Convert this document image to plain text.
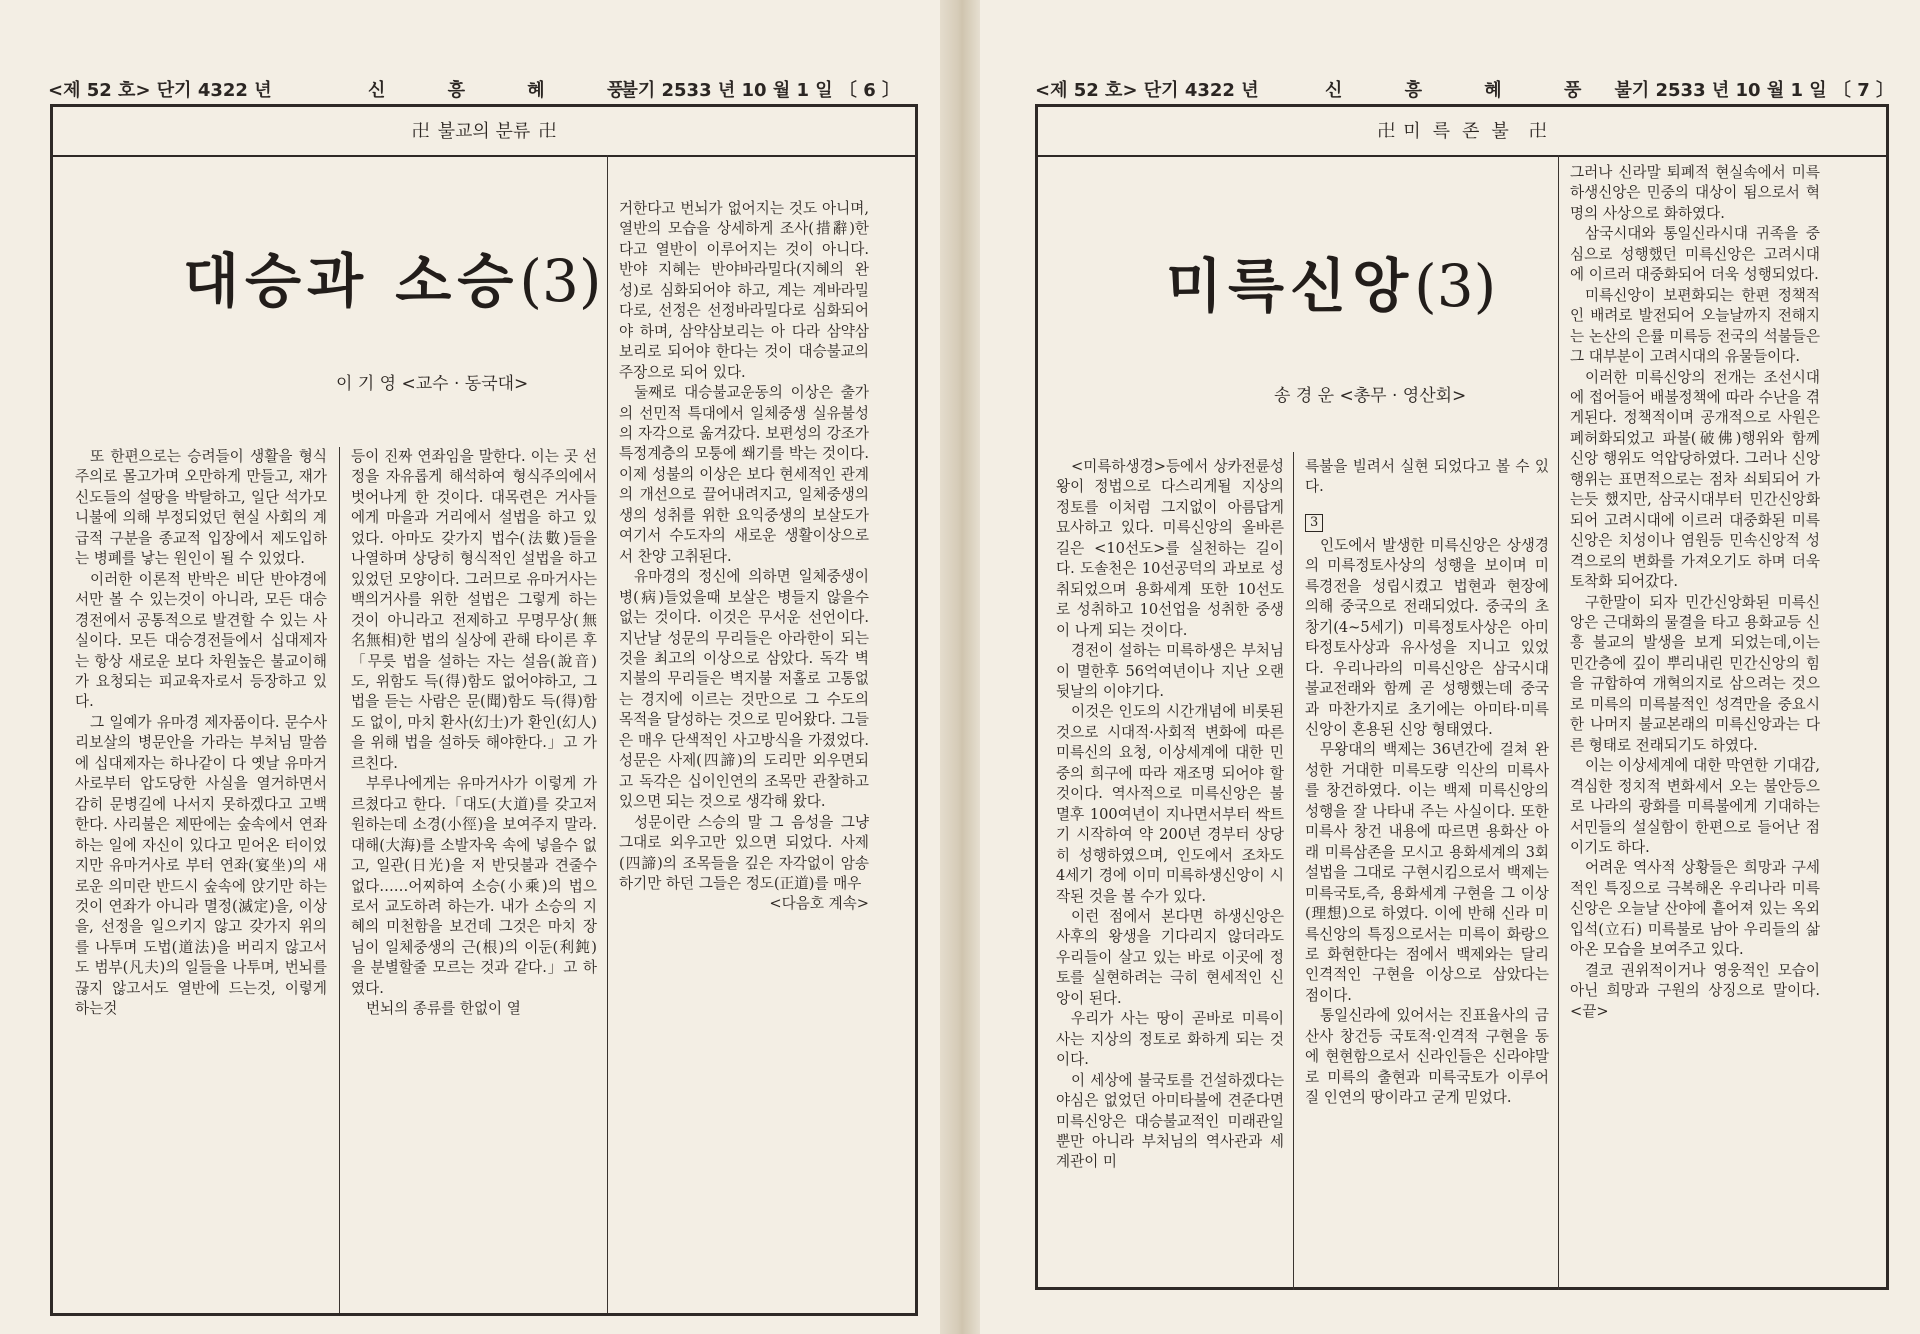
<제 52 호> 단기 4322 년	신 흥 혜 풍
불기 2533 년 10 월 1 일 〔 6 〕
卍 불교의 분류 卍
대승과 소승(3)
이 기 영 <교수 · 동국대>

또 한편으로는 승려들이 생활을 형식주의로 몰고가며 오만하게 만들고, 재가신도들의 설땅을 박탈하고, 일단 석가모니불에 의해 부정되었던 현실 사회의 계급적 구분을 종교적 입장에서 제도입하는 병폐를 낳는 원인이 될 수 있었다.

이러한 이론적 반박은 비단 반야경에서만 볼 수 있는것이 아니라, 모든 대승경전에서 공통적으로 발견할 수 있는 사실이다. 모든 대승경전들에서 십대제자는 항상 새로운 보다 차원높은 불교이해가 요청되는 피교육자로서 등장하고 있다.

그 일예가 유마경 제자품이다. 문수사리보살의 병문안을 가라는 부처님 말씀에 십대제자는 하나같이 다 옛날 유마거사로부터 압도당한 사실을 열거하면서 감히 문병길에 나서지 못하겠다고 고백한다. 사리불은 제딴에는 숲속에서 연좌하는 일에 자신이 있다고 믿어온 터이었지만 유마거사로 부터 연좌(宴坐)의 새로운 의미란 반드시 숲속에 앉기만 하는것이 연좌가 아니라 멸정(滅定)을, 이상을, 선정을 일으키지 않고 갖가지 위의를 나투며 도법(道法)을 버리지 않고서도 범부(凡夫)의 일들을 나투며, 번뇌를 끊지 않고서도 열반에 드는것, 이렇게 하는것

등이 진짜 연좌임을 말한다. 이는 곳 선정을 자유롭게 해석하여 형식주의에서 벗어나게 한 것이다. 대목련은 거사들에게 마을과 거리에서 설법을 하고 있었다. 아마도 갖가지 법수(法數)들을 나열하며 상당히 형식적인 설법을 하고 있었던 모양이다. 그러므로 유마거사는 백의거사를 위한 설법은 그렇게 하는 것이 아니라고 전제하고 무명무상(無名無相)한 법의 실상에 관해 타이른 후「무릇 법을 설하는 자는 설음(說音)도, 위함도 득(得)함도 없어야하고, 그 법을 듣는 사람은 문(聞)함도 득(得)함도 없이, 마치 환사(幻士)가 환인(幻人)을 위해 법을 설하듯 해야한다.」고 가르친다.

부루나에게는 유마거사가 이렇게 가르쳤다고 한다.「대도(大道)를 갖고저 원하는데 소경(小徑)을 보여주지 말라. 대해(大海)를 소발자욱 속에 넣을수 없고, 일관(日光)을 저 반딧불과 견줄수 없다……어찌하여 소승(小乘)의 법으로서 교도하려 하는가. 내가 소승의 지혜의 미천함을 보건데 그것은 마치 장님이 일체중생의 근(根)의 이둔(利鈍)을 분별할줄 모르는 것과 같다.」고 하였다.

번뇌의 종류를 한없이 열

거한다고 번뇌가 없어지는 것도 아니며, 열반의 모습을 상세하게 조사(措辭)한다고 열반이 이루어지는 것이 아니다. 반야 지혜는 반야바라밀다(지혜의 완성)로 심화되어야 하고, 계는 계바라밀다로, 선정은 선정바라밀다로 심화되어야 하며, 삼약삼보리는 아 다라 삼약삼보리로 되어야 한다는 것이 대승불교의 주장으로 되어 있다.

둘째로 대승불교운동의 이상은 출가의 선민적 특대에서 일체중생 실유불성의 자각으로 옮겨갔다. 보편성의 강조가 특정계층의 모퉁에 쐐기를 박는 것이다. 이제 성불의 이상은 보다 현세적인 관계의 개선으로 끌어내려지고, 일체중생의 생의 성취를 위한 요익중생의 보살도가 여기서 수도자의 새로운 생활이상으로서 찬양 고취된다.

유마경의 정신에 의하면 일체중생이 병(病)들었을때 보살은 병들지 않을수 없는 것이다. 이것은 무서운 선언이다. 지난날 성문의 무리들은 아라한이 되는 것을 최고의 이상으로 삼았다. 독각 벽지불의 무리들은 벽지불 저홀로 고통없는 경지에 이르는 것만으로 그 수도의 목적을 달성하는 것으로 믿어왔다. 그들은 매우 단색적인 사고방식을 가졌었다. 성문은 사제(四諦)의 도리만 외우면되고 독각은 십이인연의 조목만 관찰하고 있으면 되는 것으로 생각해 왔다.

성문이란 스승의 말 그 음성을 그냥 그대로 외우고만 있으면 되었다. 사제(四諦)의 조목들을 깊은 자각없이 암송하기만 하던 그들은 정도(正道)를 매우

<다음호 계속>
<제 52 호> 단기 4322 년	신 흥 혜 풍 불기 2533 년 10 월 1 일 〔 7 〕
卍 미륵존불 卍
미륵신앙(3)
송 경 운 <총무 · 영산회>

<미륵하생경>등에서 상카전륜성왕이 정법으로 다스리게될 지상의 정토를 이처럼 그지없이 아름답게 묘사하고 있다. 미륵신앙의 올바른 길은 <10선도>를 실천하는 길이다. 도솔천은 10선공덕의 과보로 성취되었으며 용화세계 또한 10선도로 성취하고 10선업을 성취한 중생이 나게 되는 것이다.

경전이 설하는 미륵하생은 부처님이 멸한후 56억여년이나 지난 오랜 뒷날의 이야기다.

이것은 인도의 시간개념에 비롯된 것으로 시대적·사회적 변화에 따른 미륵신의 요청, 이상세계에 대한 민중의 희구에 따라 재조명 되어야 할 것이다. 역사적으로 미륵신앙은 불멸후 100여년이 지나면서부터 싹트기 시작하여 약 200년 경부터 상당히 성행하였으며, 인도에서 조차도 4세기 경에 이미 미륵하생신앙이 시작된 것을 볼 수가 있다.

이런 점에서 본다면 하생신앙은 사후의 왕생을 기다리지 않더라도 우리들이 살고 있는 바로 이곳에 정토를 실현하려는 극히 현세적인 신앙이 된다.

우리가 사는 땅이 곧바로 미륵이 사는 지상의 정토로 화하게 되는 것이다.

이 세상에 불국토를 건설하겠다는 야심은 없었던 아미타불에 견준다면 미륵신앙은 대승불교적인 미래관일 뿐만 아니라 부처님의 역사관과 세계관이 미

륵불을 빌려서 실현 되었다고 볼 수 있다.

3

인도에서 발생한 미륵신앙은 상생경의 미륵정토사상의 성행을 보이며 미륵경전을 성립시켰고 법현과 현장에 의해 중국으로 전래되었다. 중국의 초창기(4~5세기) 미륵정토사상은 아미타정토사상과 유사성을 지니고 있었다. 우리나라의 미륵신앙은 삼국시대 불교전래와 함께 곧 성행했는데 중국과 마찬가지로 초기에는 아미타·미륵신앙이 혼용된 신앙 형태였다.

무왕대의 백제는 36년간에 걸쳐 완성한 거대한 미륵도량 익산의 미륵사를 창건하였다. 이는 백제 미륵신앙의 성행을 잘 나타내 주는 사실이다. 또한 미륵사 창건 내용에 따르면 용화산 아래 미륵삼존을 모시고 용화세계의 3회설법을 그대로 구현시킴으로서 백제는 미륵국토,즉, 용화세계 구현을 그 이상(理想)으로 하였다. 이에 반해 신라 미륵신앙의 특징으로서는 미륵이 화랑으로 화현한다는 점에서 백제와는 달리 인격적인 구현을 이상으로 삼았다는 점이다.

통일신라에 있어서는 진표율사의 금산사 창건등 국토적·인격적 구현을 동에 현현함으로서 신라인들은 신라야말로 미륵의 출현과 미륵국토가 이루어질 인연의 땅이라고 굳게 믿었다.

그러나 신라말 퇴폐적 현실속에서 미륵하생신앙은 민중의 대상이 됨으로서 혁명의 사상으로 화하였다.

삼국시대와 통일신라시대 귀족을 중심으로 성행했던 미륵신앙은 고려시대에 이르러 대중화되어 더욱 성행되었다.

미륵신앙이 보편화되는 한편 정책적인 배려로 발전되어 오늘날까지 전해지는 논산의 은률 미륵등 전국의 석불들은 그 대부분이 고려시대의 유물들이다.

이러한 미륵신앙의 전개는 조선시대에 접어들어 배불정책에 따라 수난을 겪게된다. 정책적이며 공개적으로 사원은 폐허화되었고 파불(破佛)행위와 함께 신앙 행위도 억압당하였다. 그러나 신앙행위는 표면적으로는 점차 쇠퇴되어 가는듯 했지만, 삼국시대부터 민간신앙화되어 고려시대에 이르러 대중화된 미륵신앙은 치성이나 염원등 민속신앙적 성격으로의 변화를 가져오기도 하며 더욱 토착화 되어갔다.

구한말이 되자 민간신앙화된 미륵신앙은 근대화의 물결을 타고 용화교등 신흥 불교의 발생을 보게 되었는데,이는 민간층에 깊이 뿌리내린 민간신앙의 힘을 규합하여 개혁의지로 삼으려는 것으로 미륵의 미륵불적인 성격만을 중요시한 나머지 불교본래의 미륵신앙과는 다른 형태로 전래되기도 하였다.

이는 이상세계에 대한 막연한 기대감, 격심한 정치적 변화세서 오는 불안등으로 나라의 광화를 미륵불에게 기대하는 서민들의 설실함이 한편으로 들어난 점이기도 하다.

어려운 역사적 상황들은 희망과 구세적인 특징으로 극복해온 우리나라 미륵신앙은 오늘날 산야에 흩어져 있는 옥외 입석(立石) 미륵불로 남아 우리들의 삶아온 모습을 보여주고 있다.

결코 권위적이거나 영웅적인 모습이 아닌 희망과 구원의 상징으로 말이다. <끝>
